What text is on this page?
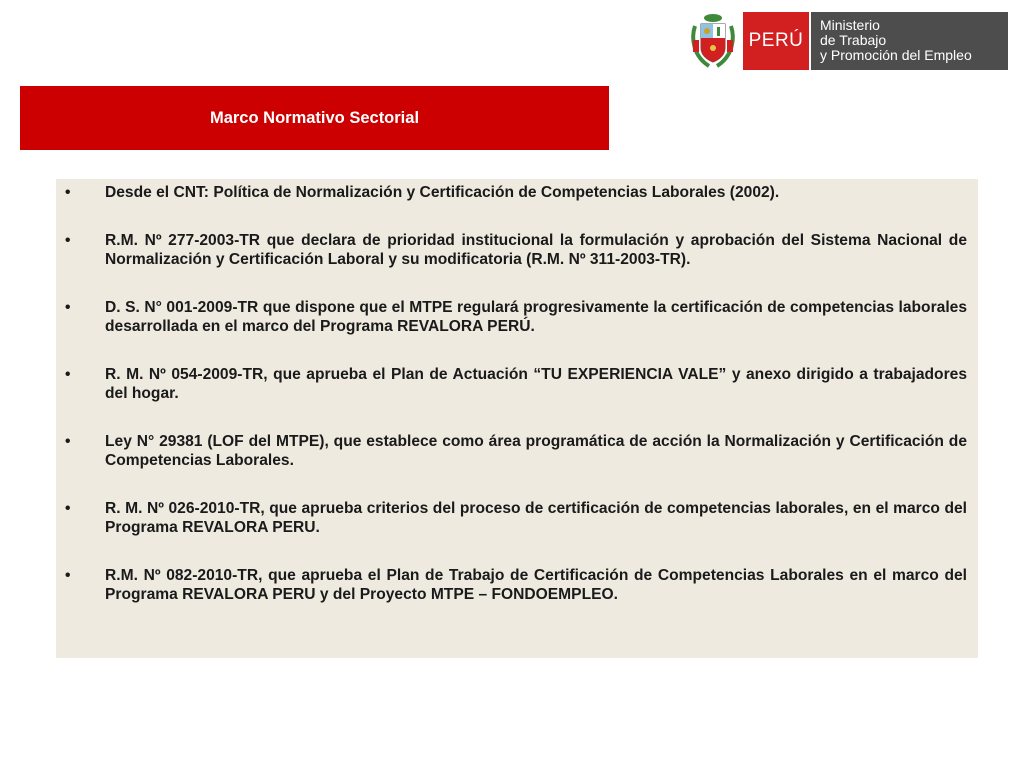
PERÚ
Ministerio
de Trabajo
y Promoción del Empleo
Marco Normativo Sectorial
• Desde el CNT: Política de Normalización y Certificación de Competencias Laborales (2002).
• R.M. Nº 277-2003-TR que declara de prioridad institucional la formulación y aprobación del Sistema Nacional de Normalización y Certificación Laboral y su modificatoria (R.M. Nº 311-2003-TR).
• D. S. N° 001-2009-TR que dispone que el MTPE regulará progresivamente la certificación de competencias laborales desarrollada en el marco del Programa REVALORA PERÚ.
• R. M. Nº 054-2009-TR, que aprueba el Plan de Actuación “TU EXPERIENCIA VALE” y anexo dirigido a trabajadores del hogar.
• Ley N° 29381 (LOF del MTPE), que establece como área programática de acción la Normalización y Certificación de Competencias Laborales.
• R. M. Nº 026-2010-TR, que aprueba criterios del proceso de certificación de competencias laborales, en el marco del Programa REVALORA PERU.
• R.M. Nº 082-2010-TR, que aprueba el Plan de Trabajo de Certificación de Competencias Laborales en el marco del Programa REVALORA PERU y del Proyecto MTPE – FONDOEMPLEO.
